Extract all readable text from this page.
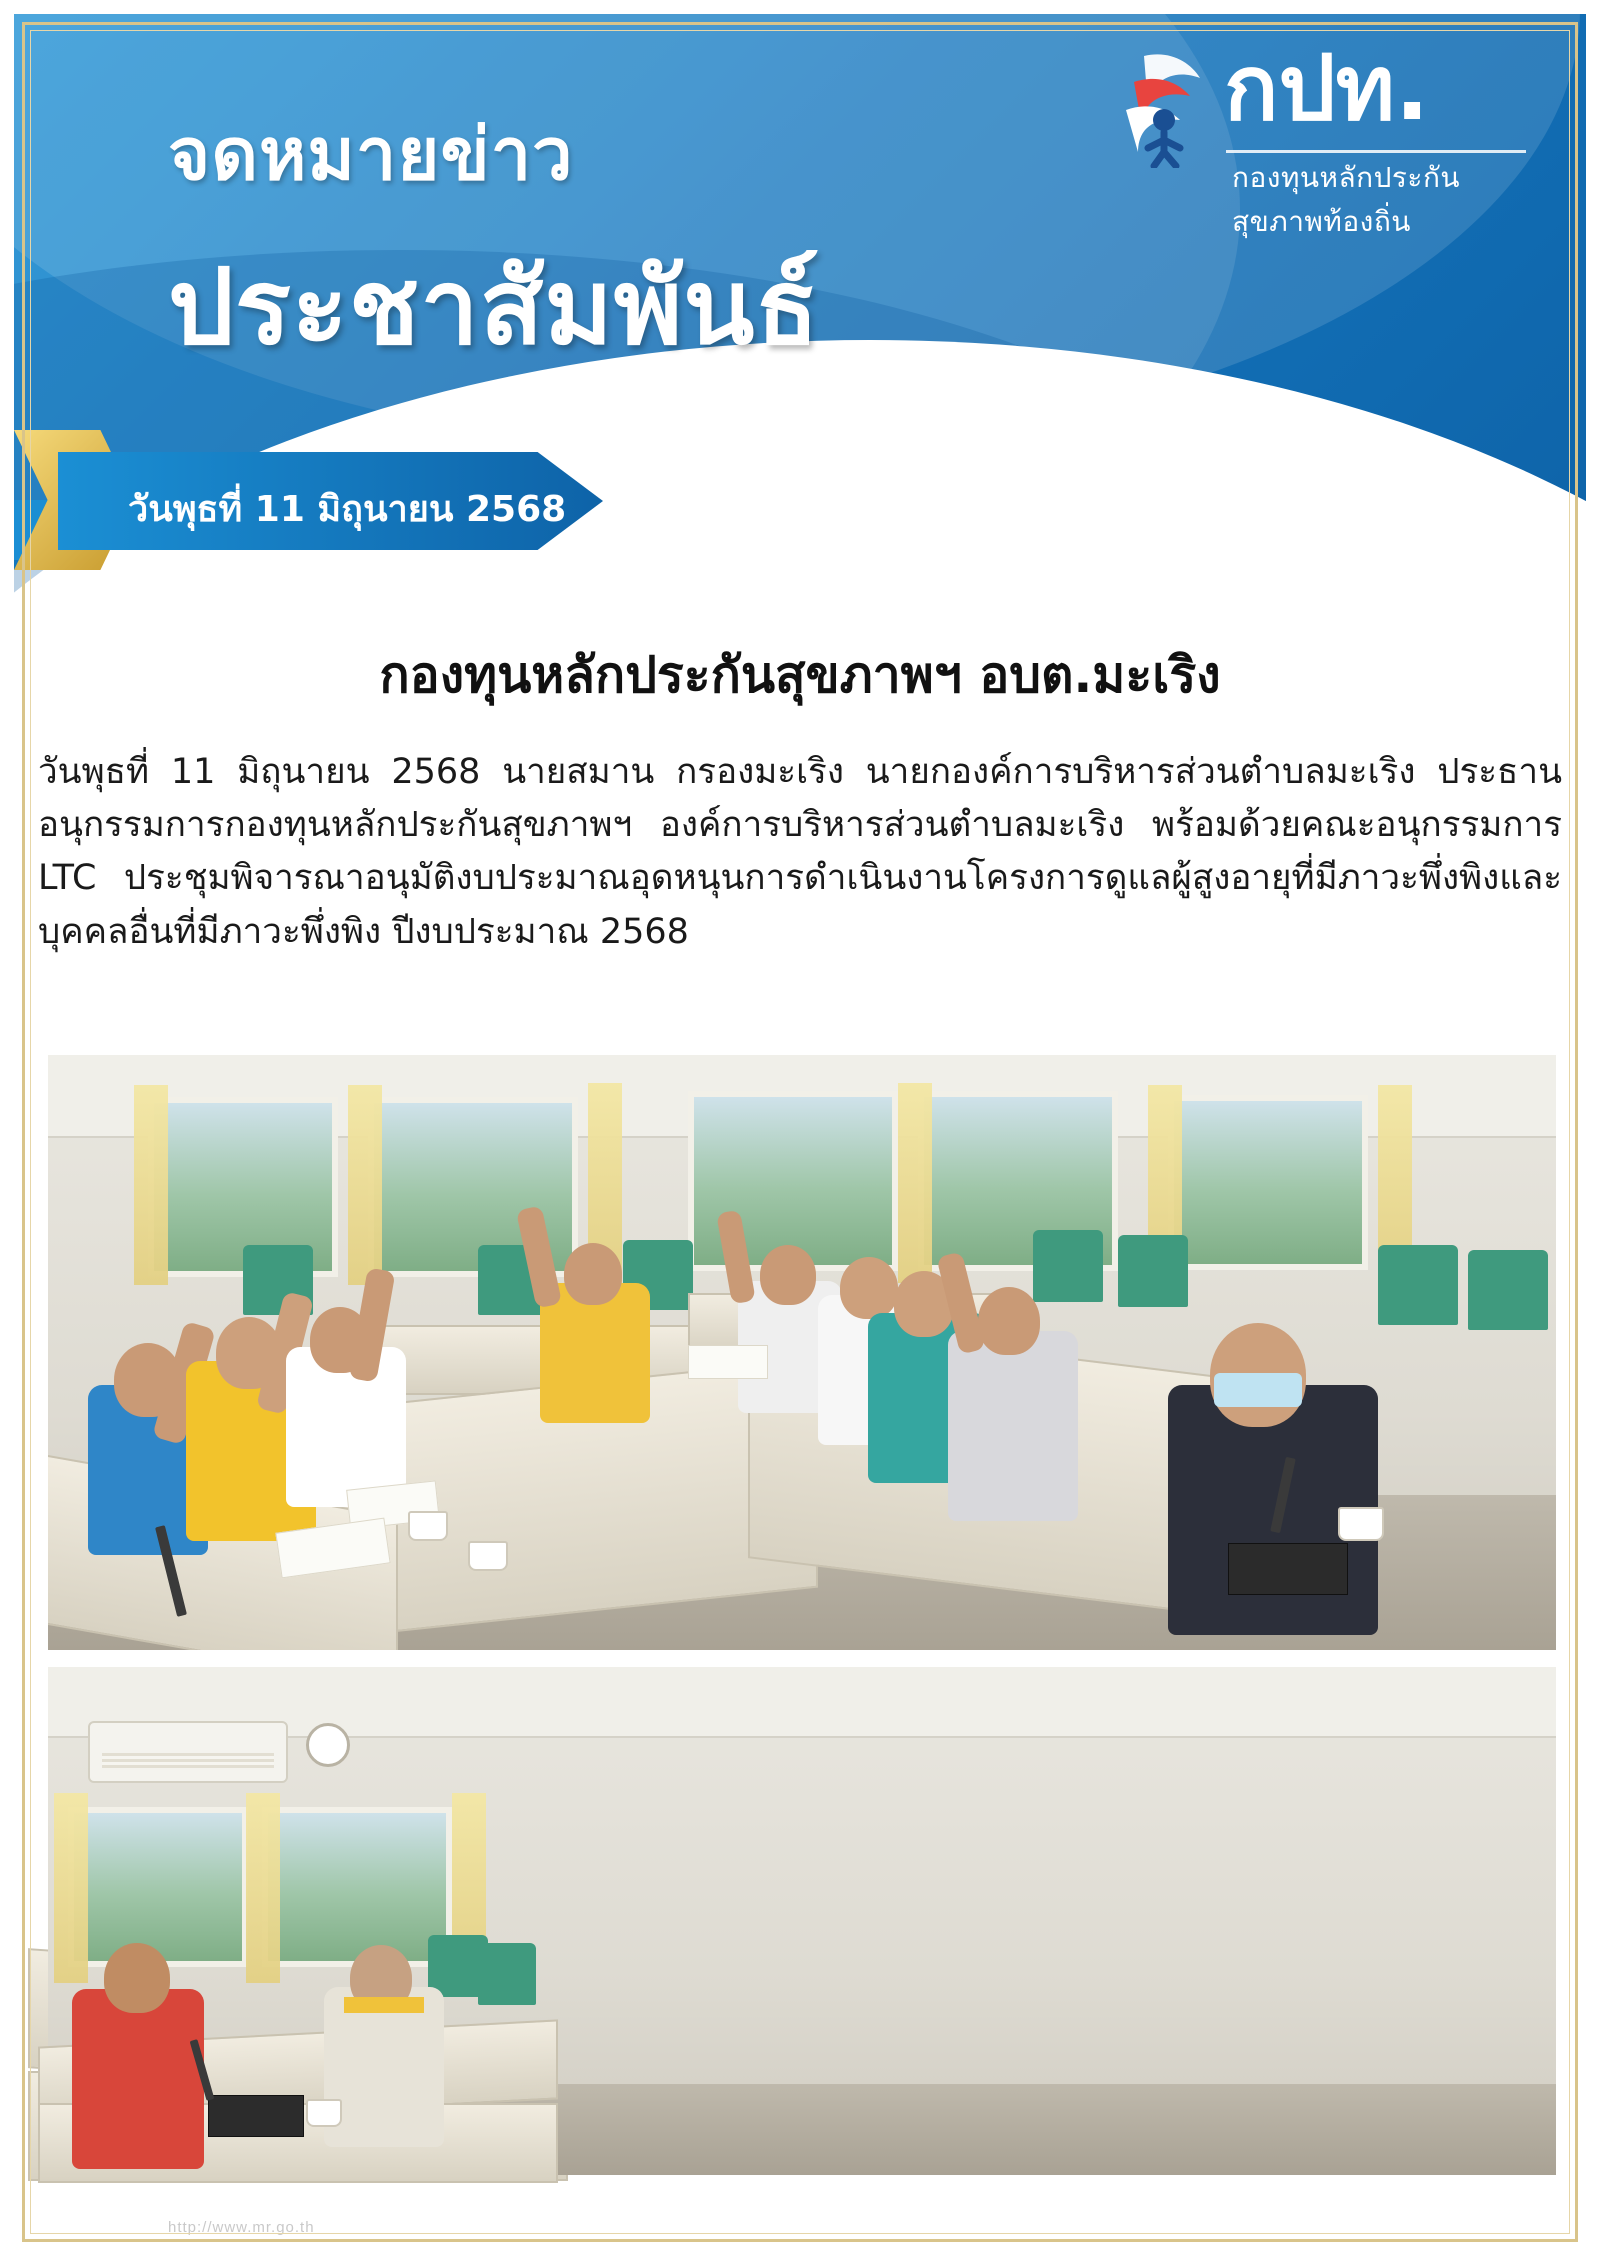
จดหมายข่าว
ประชาสัมพันธ์
กปท.
กองทุนหลักประกันสุขภาพท้องถิ่น
วันพุธที่ 11 มิถุนายน 2568
กองทุนหลักประกันสุขภาพฯ อบต.มะเริง
วันพุธที่ 11 มิถุนายน 2568 นายสมาน กรองมะเริง นายกองค์การบริหารส่วนตำบลมะเริง ประธานอนุกรรมการกองทุนหลักประกันสุขภาพฯ องค์การบริหารส่วนตำบลมะเริง พร้อมด้วยคณะอนุกรรมการ LTC ประชุมพิจารณาอนุมัติงบประมาณอุดหนุนการดำเนินงานโครงการดูแลผู้สูงอายุที่มีภาวะพึ่งพิงและบุคคลอื่นที่มีภาวะพึ่งพิง ปีงบประมาณ 2568
http://www.mr.go.th
